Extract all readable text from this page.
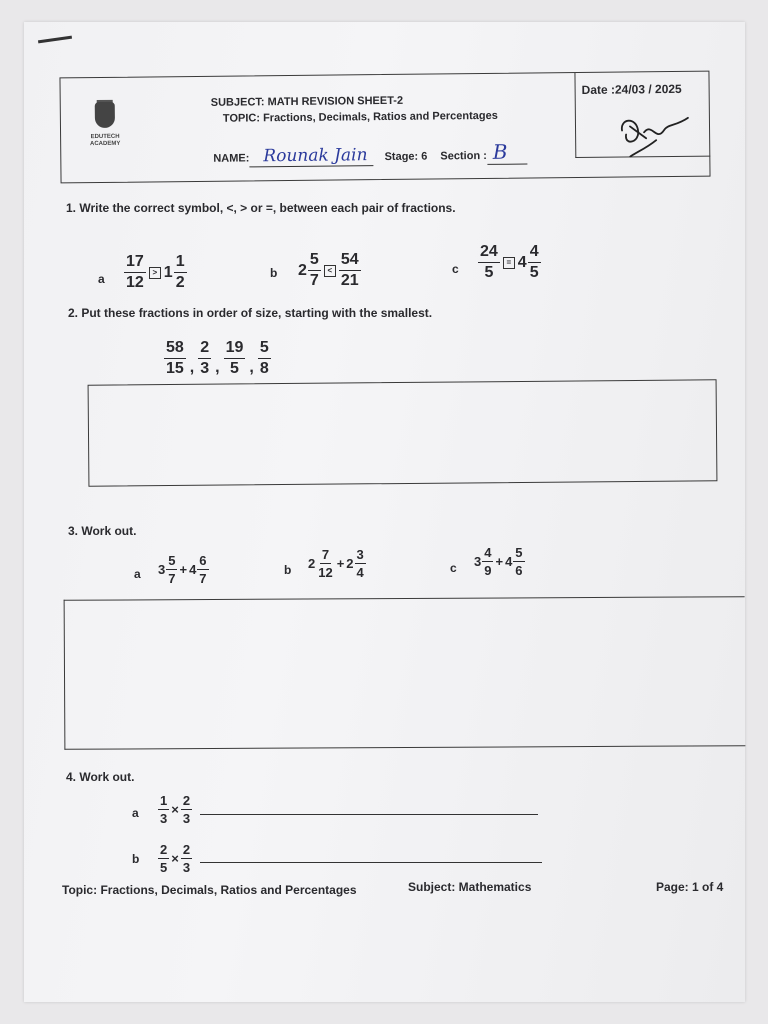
EDUTECH ACADEMY
SUBJECT: MATH REVISION SHEET-2
TOPIC: Fractions, Decimals, Ratios and Percentages
NAME: Rounak Jain Stage: 6 Section : B
Date :24/03 / 2025
1. Write the correct symbol, <, > or =, between each pair of fractions.
a $\frac{17}{12} > 1 \frac{1}{2}$	b $2 \frac{5}{7} < \frac{54}{21}$	c $\frac{24}{5} = 4 \frac{4}{5}$
2. Put these fractions in order of size, starting with the smallest.
$\frac{58}{15}$ , $\frac{2}{3}$ , $\frac{19}{5}$ , $\frac{5}{8}$
3. Work out.
a $3 \frac{5}{7} + 4 \frac{6}{7}$	b $2 \frac{7}{12} + 2 \frac{3}{4}$	c $3 \frac{4}{9} + 4 \frac{5}{6}$
4. Work out.
a $\frac{1}{3} \times \frac{2}{3}$
b $\frac{2}{5} \times \frac{2}{3}$
Topic: Fractions, Decimals, Ratios and Percentages	Subject: Mathematics	Page: 1 of 4
